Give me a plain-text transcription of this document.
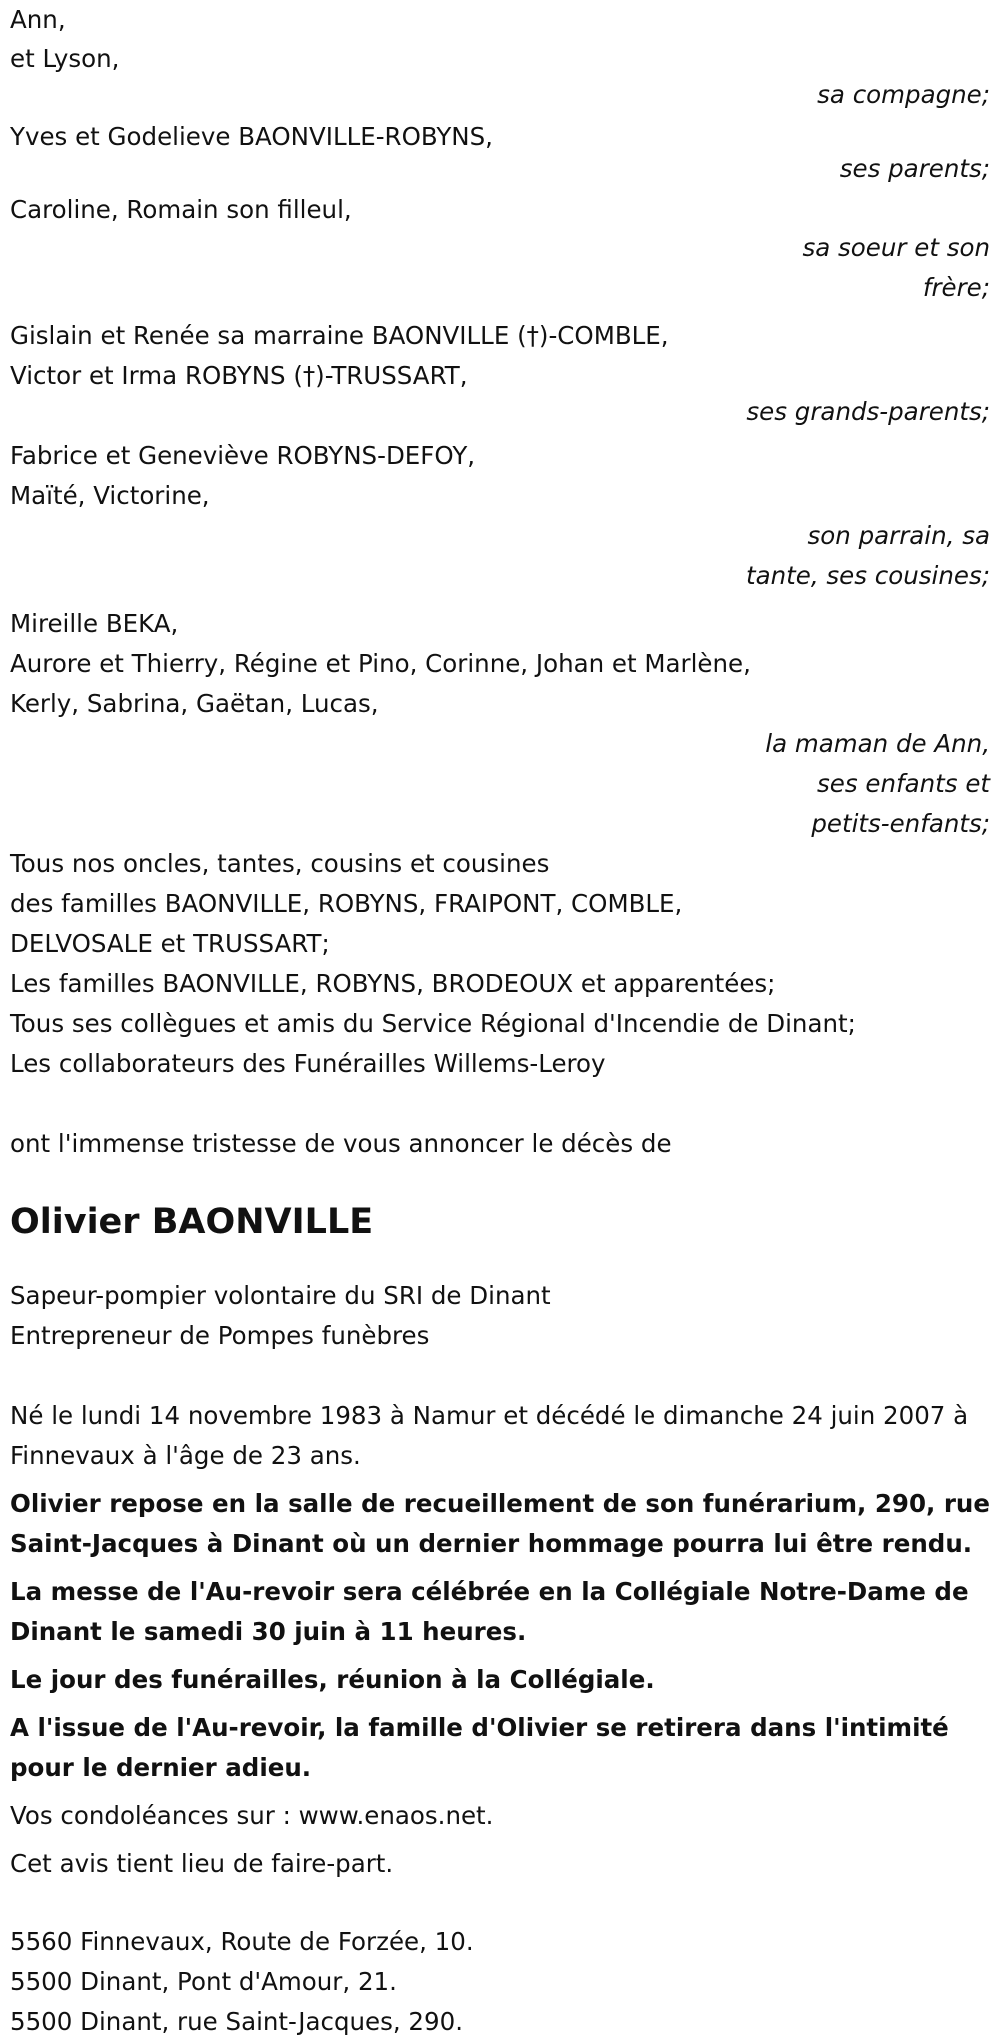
Ann,
et Lyson,
sa compagne;
Yves et Godelieve BAONVILLE-ROBYNS,
ses parents;
Caroline, Romain son filleul,
sa soeur et son
frère;
Gislain et Renée sa marraine BAONVILLE (†)-COMBLE,
Victor et Irma ROBYNS (†)-TRUSSART,
ses grands-parents;
Fabrice et Geneviève ROBYNS-DEFOY,
Maïté, Victorine,
son parrain, sa
tante, ses cousines;
Mireille BEKA,
Aurore et Thierry, Régine et Pino, Corinne, Johan et Marlène,
Kerly, Sabrina, Gaëtan, Lucas,
la maman de Ann,
ses enfants et
petits-enfants;
Tous nos oncles, tantes, cousins et cousines
des familles BAONVILLE, ROBYNS, FRAIPONT, COMBLE,
DELVOSALE et TRUSSART;
Les familles BAONVILLE, ROBYNS, BRODEOUX et apparentées;
Tous ses collègues et amis du Service Régional d'Incendie de Dinant;
Les collaborateurs des Funérailles Willems-Leroy
ont l'immense tristesse de vous annoncer le décès de
Olivier BAONVILLE
Sapeur-pompier volontaire du SRI de Dinant
Entrepreneur de Pompes funèbres
Né le lundi 14 novembre 1983 à Namur et décédé le dimanche 24 juin 2007 à Finnevaux à l'âge de 23 ans.
Olivier repose en la salle de recueillement de son funérarium, 290, rue Saint-Jacques à Dinant où un dernier hommage pourra lui être rendu.
La messe de l'Au-revoir sera célébrée en la Collégiale Notre-Dame de Dinant le samedi 30 juin à 11 heures.
Le jour des funérailles, réunion à la Collégiale.
A l'issue de l'Au-revoir, la famille d'Olivier se retirera dans l'intimité pour le dernier adieu.
Vos condoléances sur : www.enaos.net.
Cet avis tient lieu de faire-part.
5560 Finnevaux, Route de Forzée, 10.
5500 Dinant, Pont d'Amour, 21.
5500 Dinant, rue Saint-Jacques, 290.
